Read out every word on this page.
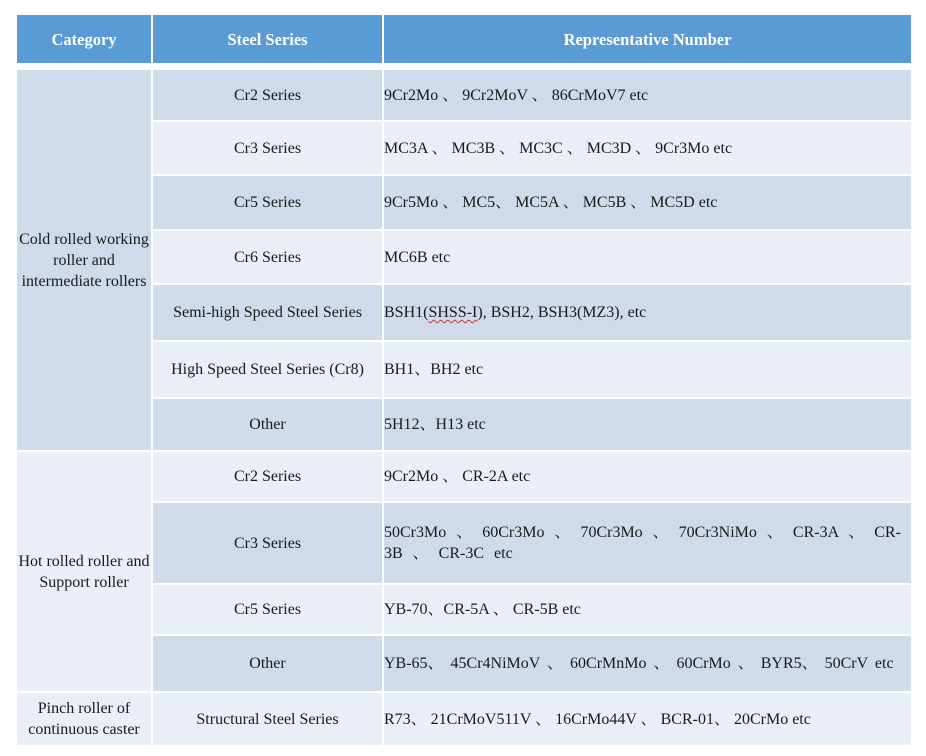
Category	Steel Series	Representative Number

Cold rolled working roller and intermediate rollers	Cr2 Series	9Cr2Mo 、 9Cr2MoV 、 86CrMoV7 etc
	Cr3 Series	MC3A 、 MC3B 、 MC3C 、 MC3D 、 9Cr3Mo etc
	Cr5 Series	9Cr5Mo 、 MC5、 MC5A 、 MC5B 、 MC5D etc
	Cr6 Series	MC6B etc
	Semi-high Speed Steel Series	BSH1(SHSS-I), BSH2, BSH3(MZ3), etc
	High Speed Steel Series (Cr8)	BH1、BH2 etc
	Other	5H12、H13 etc
Hot rolled roller and Support roller	Cr2 Series	9Cr2Mo 、 CR-2A etc
	Cr3 Series	50Cr3Mo 、 60Cr3Mo 、 70Cr3Mo 、 70Cr3NiMo 、 CR-3A 、 CR-3B 、 CR-3C etc
	Cr5 Series	YB-70、CR-5A 、 CR-5B etc
	Other	YB-65、 45Cr4NiMoV 、 60CrMnMo 、 60CrMo 、 BYR5、 50CrV etc
Pinch roller of continuous caster	Structural Steel Series	R73、 21CrMoV511V 、 16CrMo44V 、 BCR-01、 20CrMo etc
